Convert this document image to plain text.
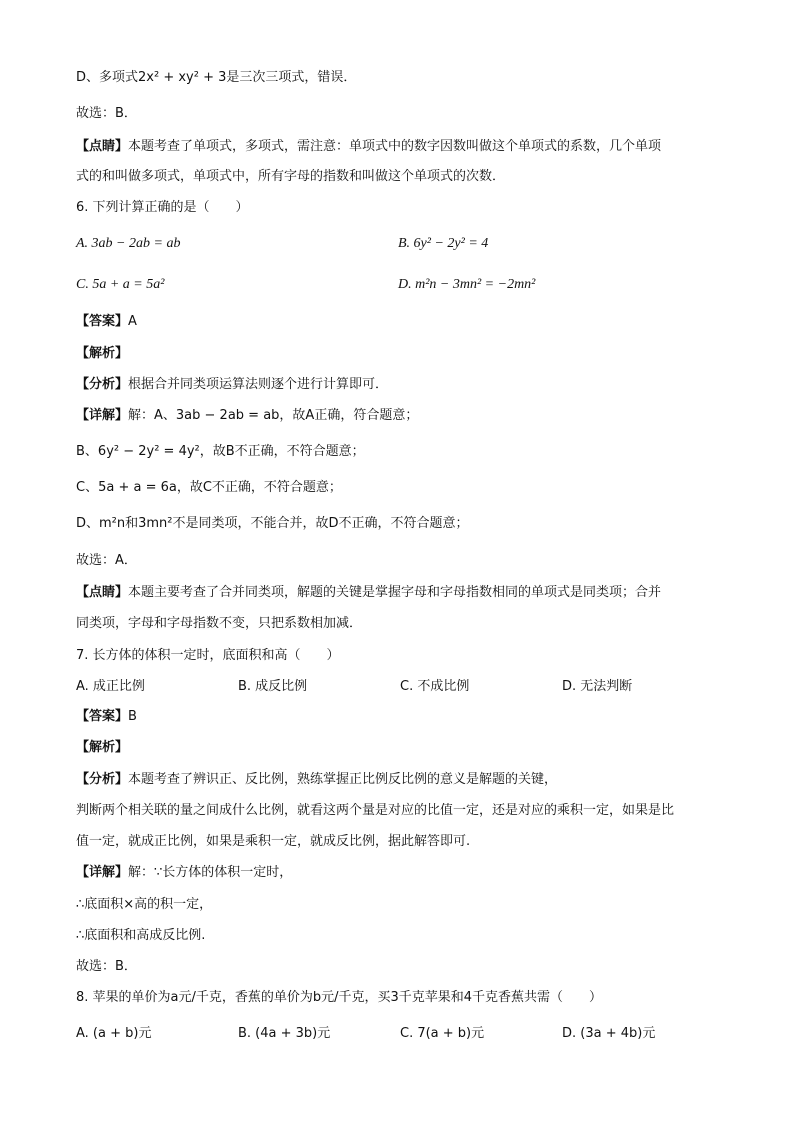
D、多项式2x² + xy² + 3是三次三项式，错误．
故选：B．
【点睛】本题考查了单项式，多项式，需注意：单项式中的数字因数叫做这个单项式的系数，几个单项
式的和叫做多项式，单项式中，所有字母的指数和叫做这个单项式的次数．
6. 下列计算正确的是（　　）
A. 3ab − 2ab = ab	B. 6y² − 2y² = 4
C. 5a + a = 5a²	D. m²n − 3mn² = −2mn²
【答案】A
【解析】
【分析】根据合并同类项运算法则逐个进行计算即可．
【详解】解：A、3ab − 2ab = ab，故A正确，符合题意；
B、6y² − 2y² = 4y²，故B不正确，不符合题意；
C、5a + a = 6a，故C不正确，不符合题意；
D、m²n和3mn²不是同类项，不能合并，故D不正确，不符合题意；
故选：A．
【点睛】本题主要考查了合并同类项，解题的关键是掌握字母和字母指数相同的单项式是同类项；合并
同类项，字母和字母指数不变，只把系数相加减．
7. 长方体的体积一定时，底面积和高（　　）
A. 成正比例	B. 成反比例	C. 不成比例	D. 无法判断
【答案】B
【解析】
【分析】本题考查了辨识正、反比例，熟练掌握正比例反比例的意义是解题的关键，
判断两个相关联的量之间成什么比例，就看这两个量是对应的比值一定，还是对应的乘积一定，如果是比
值一定，就成正比例，如果是乘积一定，就成反比例，据此解答即可.
【详解】解：∵长方体的体积一定时，
∴底面积×高的积一定，
∴底面积和高成反比例.
故选：B．
8. 苹果的单价为a元/千克，香蕉的单价为b元/千克，买3千克苹果和4千克香蕉共需（　　）
A. (a + b)元	B. (4a + 3b)元	C. 7(a + b)元	D. (3a + 4b)元
